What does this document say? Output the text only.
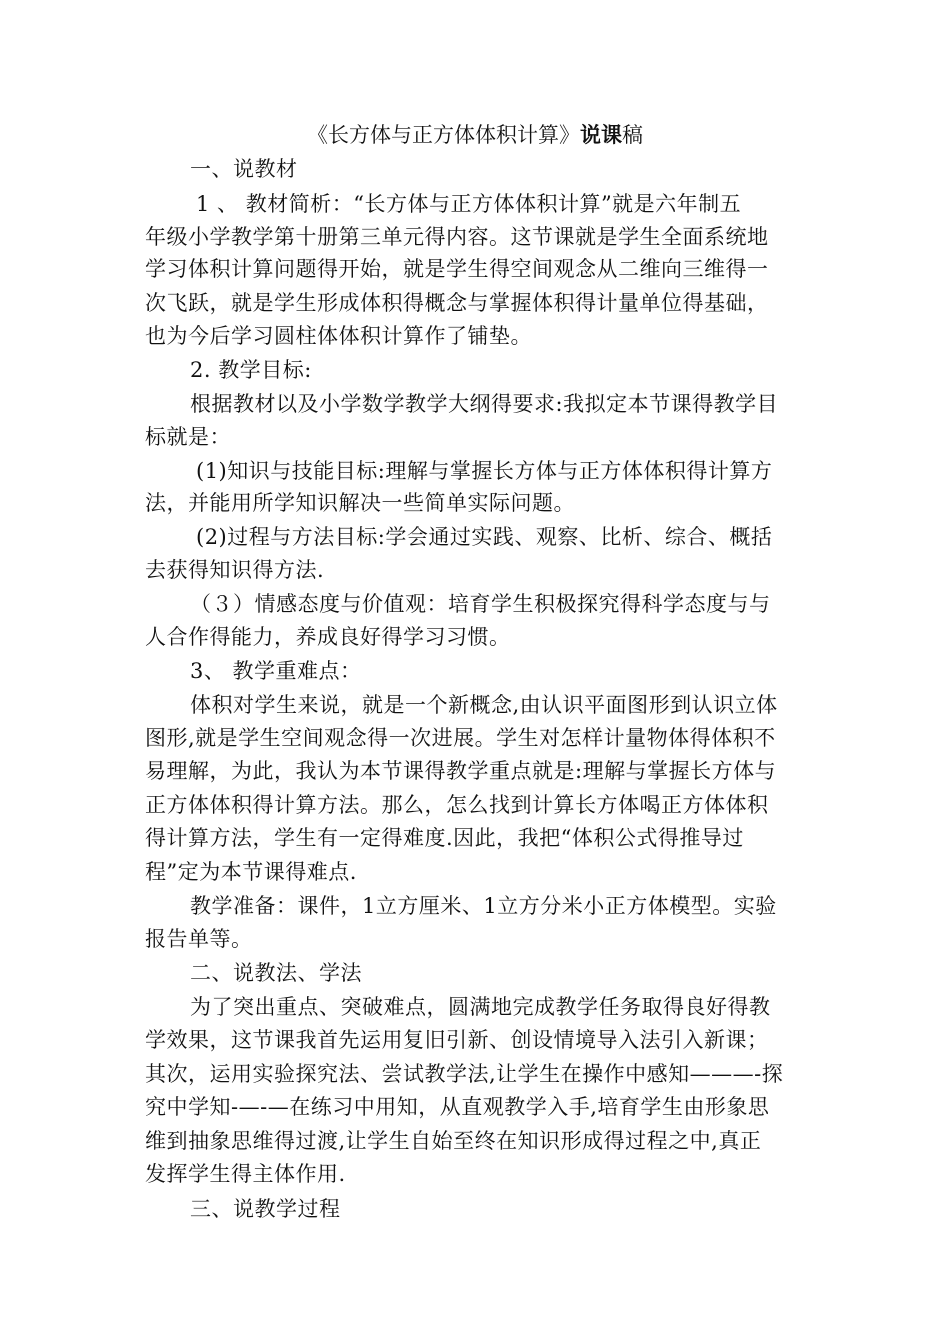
《长方体与正方体体积计算》说课稿
一、说教材
1 、 教材简析：“长方体与正方体体积计算”就是六年制五
年级小学教学第十册第三单元得内容。这节课就是学生全面系统地
学习体积计算问题得开始，就是学生得空间观念从二维向三维得一
次飞跃，就是学生形成体积得概念与掌握体积得计量单位得基础，
也为今后学习圆柱体体积计算作了铺垫。
2. 教学目标:
根据教材以及小学数学教学大纲得要求:我拟定本节课得教学目
标就是：
(1)知识与技能目标:理解与掌握长方体与正方体体积得计算方
法，并能用所学知识解决一些简单实际问题。
(2)过程与方法目标:学会通过实践、观察、比析、综合、概括
去获得知识得方法.
（３）情感态度与价值观：培育学生积极探究得科学态度与与
人合作得能力，养成良好得学习习惯。
3、 教学重难点：
体积对学生来说，就是一个新概念,由认识平面图形到认识立体
图形,就是学生空间观念得一次进展。学生对怎样计量物体得体积不
易理解，为此，我认为本节课得教学重点就是:理解与掌握长方体与
正方体体积得计算方法。那么，怎么找到计算长方体喝正方体体积
得计算方法，学生有一定得难度.因此，我把“体积公式得推导过
程”定为本节课得难点.
教学准备：课件，1立方厘米、1立方分米小正方体模型。实验
报告单等。
二、说教法、学法
为了突出重点、突破难点，圆满地完成教学任务取得良好得教
学效果，这节课我首先运用复旧引新、创设情境导入法引入新课；
其次，运用实验探究法、尝试教学法,让学生在操作中感知———-探
究中学知-—-—在练习中用知，从直观教学入手,培育学生由形象思
维到抽象思维得过渡,让学生自始至终在知识形成得过程之中,真正
发挥学生得主体作用.
三、说教学过程
